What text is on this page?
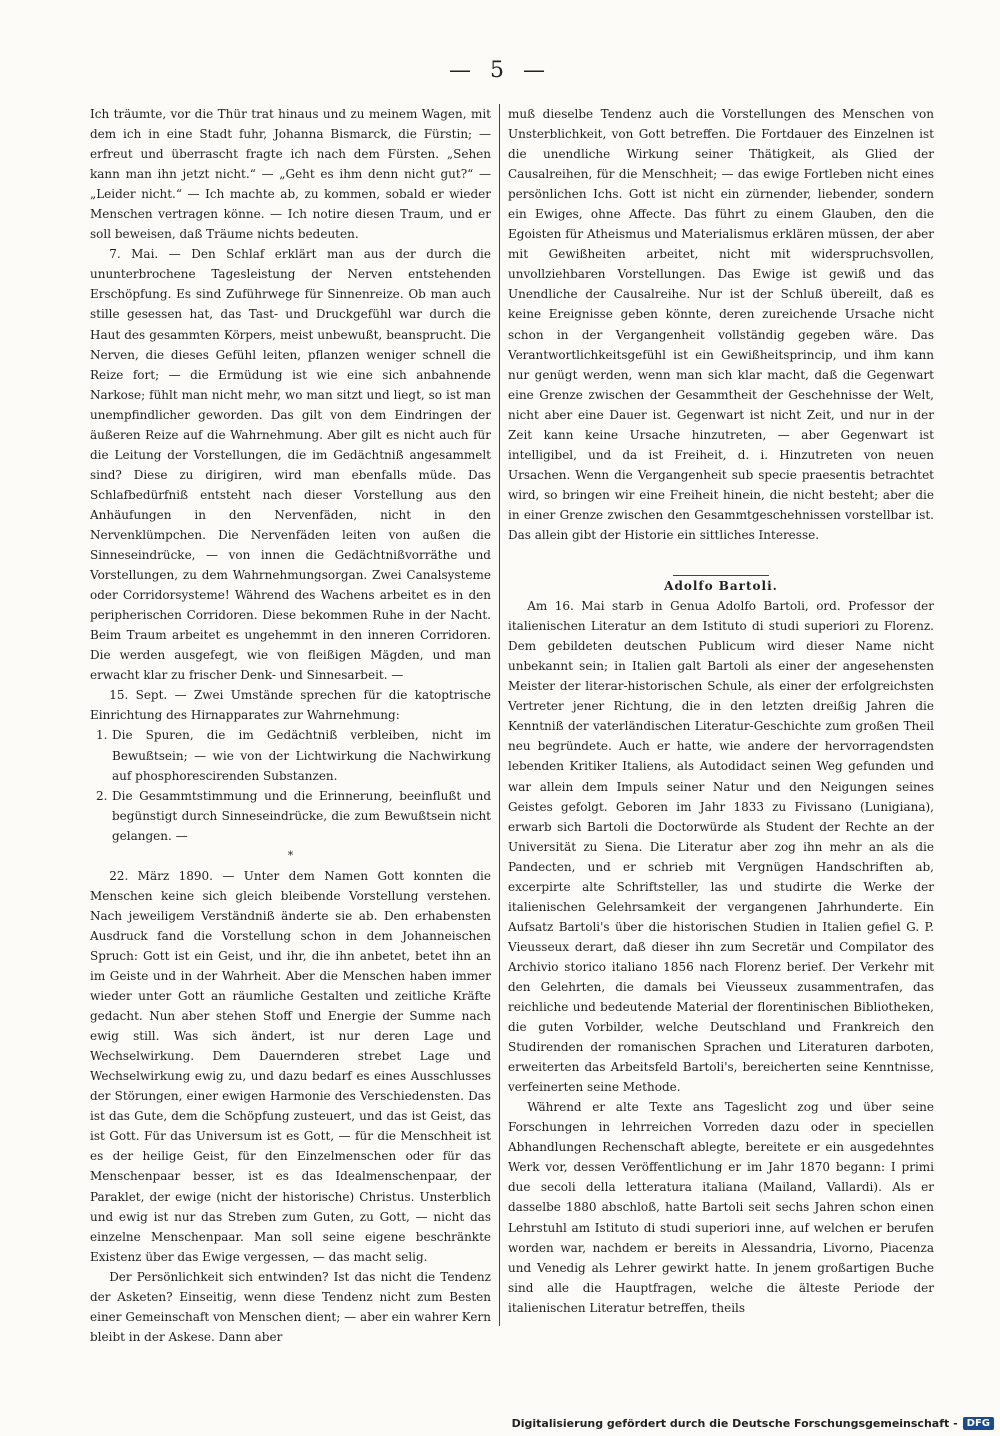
— 5 —

Ich träumte, vor die Thür trat hinaus und zu meinem Wagen, mit dem ich in eine Stadt fuhr, Johanna Bismarck, die Fürstin; — erfreut und überrascht fragte ich nach dem Fürsten. „Sehen kann man ihn jetzt nicht.“ — „Geht es ihm denn nicht gut?“ — „Leider nicht.“ — Ich machte ab, zu kommen, sobald er wieder Menschen vertragen könne. — Ich notire diesen Traum, und er soll beweisen, daß Träume nichts bedeuten.

7. Mai. — Den Schlaf erklärt man aus der durch die ununterbrochene Tagesleistung der Nerven entstehenden Erschöpfung. Es sind Zuführwege für Sinnenreize. Ob man auch stille gesessen hat, das Tast- und Druckgefühl war durch die Haut des gesammten Körpers, meist unbewußt, beansprucht. Die Nerven, die dieses Gefühl leiten, pflanzen weniger schnell die Reize fort; — die Ermüdung ist wie eine sich anbahnende Narkose; fühlt man nicht mehr, wo man sitzt und liegt, so ist man unempfindlicher geworden. Das gilt von dem Eindringen der äußeren Reize auf die Wahrnehmung. Aber gilt es nicht auch für die Leitung der Vorstellungen, die im Gedächtniß angesammelt sind? Diese zu dirigiren, wird man ebenfalls müde. Das Schlafbedürfniß entsteht nach dieser Vorstellung aus den Anhäufungen in den Nervenfäden, nicht in den Nervenklümpchen. Die Nervenfäden leiten von außen die Sinneseindrücke, — von innen die Gedächtnißvorräthe und Vorstellungen, zu dem Wahrnehmungsorgan. Zwei Canalsysteme oder Corridorsysteme! Während des Wachens arbeitet es in den peripherischen Corridoren. Diese bekommen Ruhe in der Nacht. Beim Traum arbeitet es ungehemmt in den inneren Corridoren. Die werden ausgefegt, wie von fleißigen Mägden, und man erwacht klar zu frischer Denk- und Sinnesarbeit. —

15. Sept. — Zwei Umstände sprechen für die katoptrische Einrichtung des Hirnapparates zur Wahrnehmung:

1. Die Spuren, die im Gedächtniß verbleiben, nicht im Bewußtsein; — wie von der Lichtwirkung die Nachwirkung auf phosphorescirenden Substanzen.
2. Die Gesammtstimmung und die Erinnerung, beeinflußt und begünstigt durch Sinneseindrücke, die zum Bewußtsein nicht gelangen. —

*

22. März 1890. — Unter dem Namen Gott konnten die Menschen keine sich gleich bleibende Vorstellung verstehen. Nach jeweiligem Verständniß änderte sie ab. Den erhabensten Ausdruck fand die Vorstellung schon in dem Johanneischen Spruch: Gott ist ein Geist, und ihr, die ihn anbetet, betet ihn an im Geiste und in der Wahrheit. Aber die Menschen haben immer wieder unter Gott an räumliche Gestalten und zeitliche Kräfte gedacht. Nun aber stehen Stoff und Energie der Summe nach ewig still. Was sich ändert, ist nur deren Lage und Wechselwirkung. Dem Dauernderen strebet Lage und Wechselwirkung ewig zu, und dazu bedarf es eines Ausschlusses der Störungen, einer ewigen Harmonie des Verschiedensten. Das ist das Gute, dem die Schöpfung zusteuert, und das ist Geist, das ist Gott. Für das Universum ist es Gott, — für die Menschheit ist es der heilige Geist, für den Einzelmenschen oder für das Menschenpaar besser, ist es das Idealmenschenpaar, der Paraklet, der ewige (nicht der historische) Christus. Unsterblich und ewig ist nur das Streben zum Guten, zu Gott, — nicht das einzelne Menschenpaar. Man soll seine eigene beschränkte Existenz über das Ewige vergessen, — das macht selig.

Der Persönlichkeit sich entwinden? Ist das nicht die Tendenz der Asketen? Einseitig, wenn diese Tendenz nicht zum Besten einer Gemeinschaft von Menschen dient; — aber ein wahrer Kern bleibt in der Askese. Dann aber

muß dieselbe Tendenz auch die Vorstellungen des Menschen von Unsterblichkeit, von Gott betreffen. Die Fortdauer des Einzelnen ist die unendliche Wirkung seiner Thätigkeit, als Glied der Causalreihen, für die Menschheit; — das ewige Fortleben nicht eines persönlichen Ichs. Gott ist nicht ein zürnender, liebender, sondern ein Ewiges, ohne Affecte. Das führt zu einem Glauben, den die Egoisten für Atheismus und Materialismus erklären müssen, der aber mit Gewißheiten arbeitet, nicht mit widerspruchsvollen, unvollziehbaren Vorstellungen. Das Ewige ist gewiß und das Unendliche der Causalreihe. Nur ist der Schluß übereilt, daß es keine Ereignisse geben könnte, deren zureichende Ursache nicht schon in der Vergangenheit vollständig gegeben wäre. Das Verantwortlichkeitsgefühl ist ein Gewißheitsprincip, und ihm kann nur genügt werden, wenn man sich klar macht, daß die Gegenwart eine Grenze zwischen der Gesammtheit der Geschehnisse der Welt, nicht aber eine Dauer ist. Gegenwart ist nicht Zeit, und nur in der Zeit kann keine Ursache hinzutreten, — aber Gegenwart ist intelligibel, und da ist Freiheit, d. i. Hinzutreten von neuen Ursachen. Wenn die Vergangenheit sub specie praesentis betrachtet wird, so bringen wir eine Freiheit hinein, die nicht besteht; aber die in einer Grenze zwischen den Gesammtgeschehnissen vorstellbar ist. Das allein gibt der Historie ein sittliches Interesse.

Adolfo Bartoli.

Am 16. Mai starb in Genua Adolfo Bartoli, ord. Professor der italienischen Literatur an dem Istituto di studi superiori zu Florenz. Dem gebildeten deutschen Publicum wird dieser Name nicht unbekannt sein; in Italien galt Bartoli als einer der angesehensten Meister der literar-historischen Schule, als einer der erfolgreichsten Vertreter jener Richtung, die in den letzten dreißig Jahren die Kenntniß der vaterländischen Literatur-Geschichte zum großen Theil neu begründete. Auch er hatte, wie andere der hervorragendsten lebenden Kritiker Italiens, als Autodidact seinen Weg gefunden und war allein dem Impuls seiner Natur und den Neigungen seines Geistes gefolgt. Geboren im Jahr 1833 zu Fivissano (Lunigiana), erwarb sich Bartoli die Doctorwürde als Student der Rechte an der Universität zu Siena. Die Literatur aber zog ihn mehr an als die Pandecten, und er schrieb mit Vergnügen Handschriften ab, excerpirte alte Schriftsteller, las und studirte die Werke der italienischen Gelehrsamkeit der vergangenen Jahrhunderte. Ein Aufsatz Bartoli's über die historischen Studien in Italien gefiel G. P. Vieusseux derart, daß dieser ihn zum Secretär und Compilator des Archivio storico italiano 1856 nach Florenz berief. Der Verkehr mit den Gelehrten, die damals bei Vieusseux zusammentrafen, das reichliche und bedeutende Material der florentinischen Bibliotheken, die guten Vorbilder, welche Deutschland und Frankreich den Studirenden der romanischen Sprachen und Literaturen darboten, erweiterten das Arbeitsfeld Bartoli's, bereicherten seine Kenntnisse, verfeinerten seine Methode.

Während er alte Texte ans Tageslicht zog und über seine Forschungen in lehrreichen Vorreden dazu oder in speciellen Abhandlungen Rechenschaft ablegte, bereitete er ein ausgedehntes Werk vor, dessen Veröffentlichung er im Jahr 1870 begann: I primi due secoli della letteratura italiana (Mailand, Vallardi). Als er dasselbe 1880 abschloß, hatte Bartoli seit sechs Jahren schon einen Lehrstuhl am Istituto di studi superiori inne, auf welchen er berufen worden war, nachdem er bereits in Alessandria, Livorno, Piacenza und Venedig als Lehrer gewirkt hatte. In jenem großartigen Buche sind alle die Hauptfragen, welche die älteste Periode der italienischen Literatur betreffen, theils

Digitalisierung gefördert durch die Deutsche Forschungsgemeinschaft - DFG
